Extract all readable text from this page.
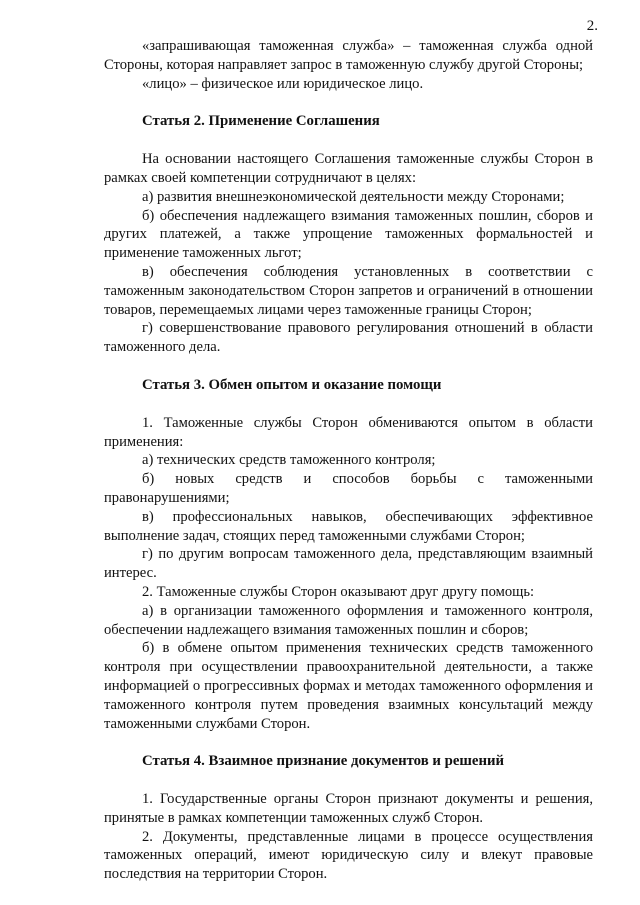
2.

«запрашивающая таможенная служба» – таможенная служба одной Стороны, которая направляет запрос в таможенную службу другой Стороны;

«лицо» – физическое или юридическое лицо.

Статья 2. Применение Соглашения

На основании настоящего Соглашения таможенные службы Сторон в рамках своей компетенции сотрудничают в целях:

а) развития внешнеэкономической деятельности между Сторонами;

б) обеспечения надлежащего взимания таможенных пошлин, сборов и других платежей, а также упрощение таможенных формальностей и применение таможенных льгот;

в) обеспечения соблюдения установленных в соответствии с таможенным законодательством Сторон запретов и ограничений в отношении товаров, перемещаемых лицами через таможенные границы Сторон;

г) совершенствование правового регулирования отношений в области таможенного дела.

Статья 3. Обмен опытом и оказание помощи

1. Таможенные службы Сторон обмениваются опытом в области применения:

а) технических средств таможенного контроля;

б) новых средств и способов борьбы с таможенными правонарушениями;

в) профессиональных навыков, обеспечивающих эффективное выполнение задач, стоящих перед таможенными службами Сторон;

г) по другим вопросам таможенного дела, представляющим взаимный интерес.

2. Таможенные службы Сторон оказывают друг другу помощь:

а) в организации таможенного оформления и таможенного контроля, обеспечении надлежащего взимания таможенных пошлин и сборов;

б) в обмене опытом применения технических средств таможенного контроля при осуществлении правоохранительной деятельности, а также информацией о прогрессивных формах и методах таможенного оформления и таможенного контроля путем проведения взаимных консультаций между таможенными службами Сторон.

Статья 4. Взаимное признание документов и решений

1. Государственные органы Сторон признают документы и решения, принятые в рамках компетенции таможенных служб Сторон.

2. Документы, представленные лицами в процессе осуществления таможенных операций, имеют юридическую силу и влекут правовые последствия на территории Сторон.
